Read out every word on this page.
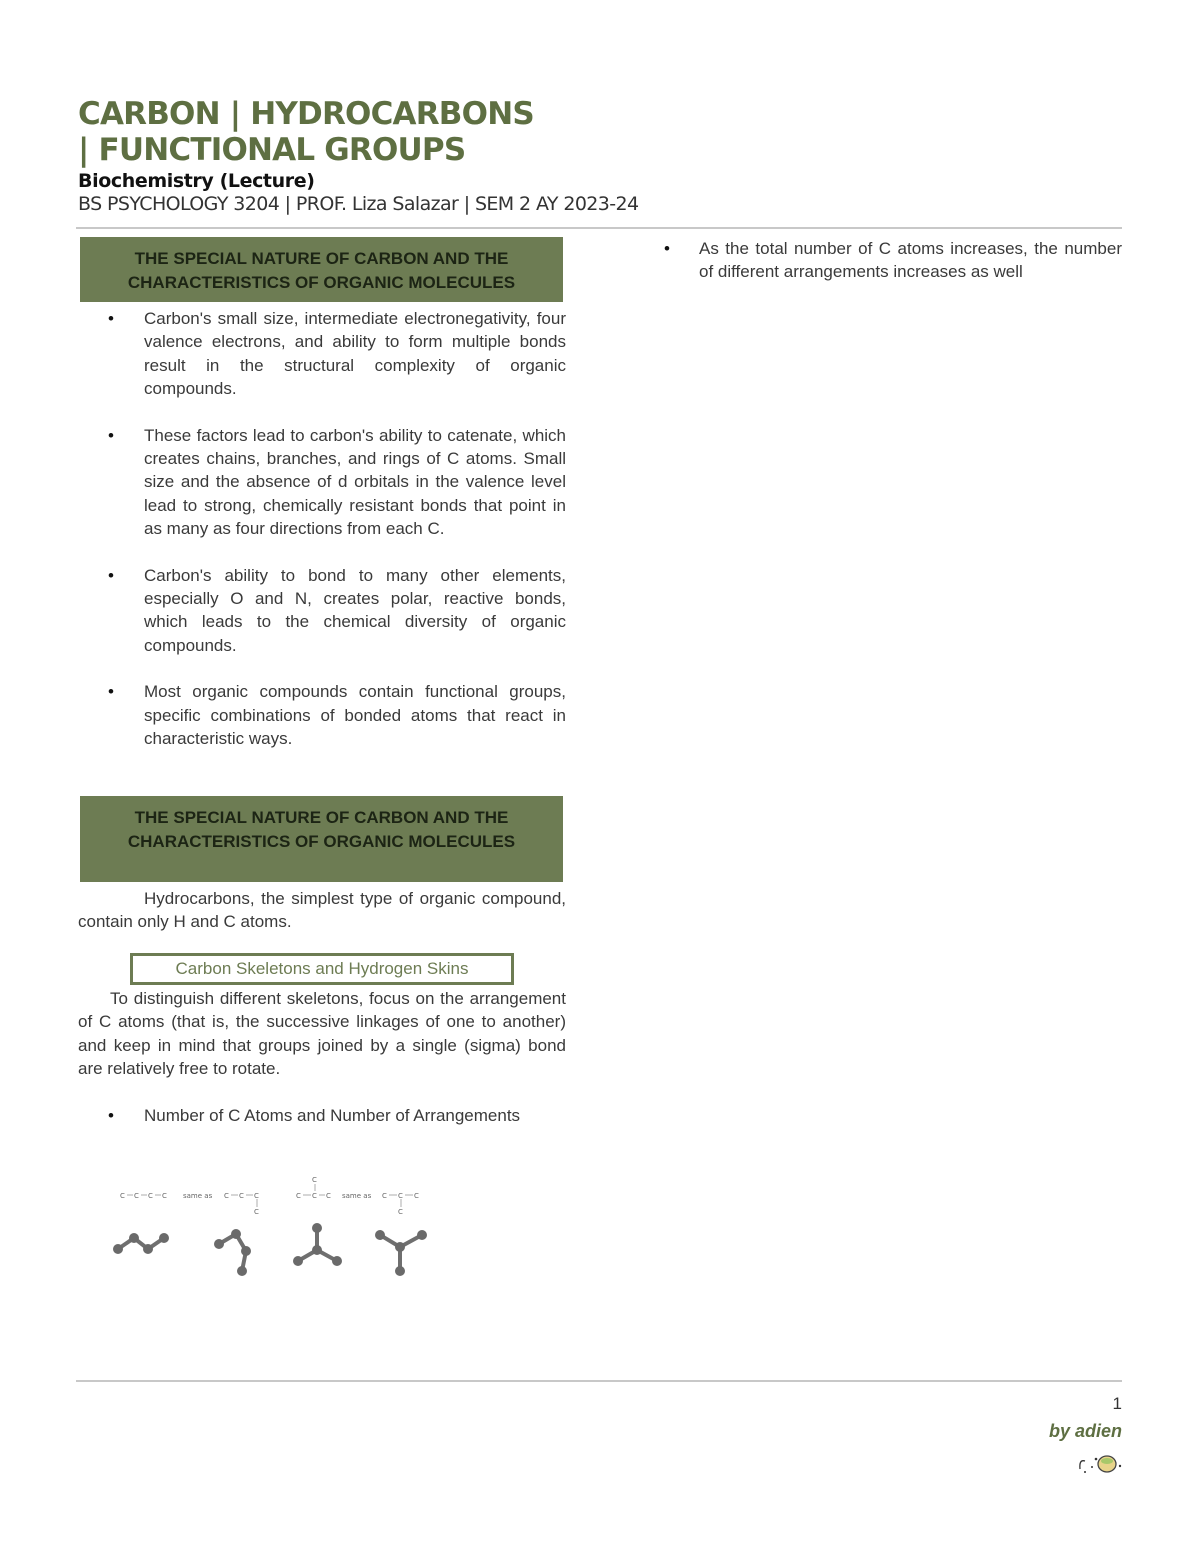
CARBON | HYDROCARBONS
| FUNCTIONAL GROUPS
Biochemistry (Lecture)
BS PSYCHOLOGY 3204 | PROF. Liza Salazar | SEM 2 AY 2023-24
THE SPECIAL NATURE OF CARBON AND THE CHARACTERISTICS OF ORGANIC MOLECULES
• Carbon's small size, intermediate electronegativity, four valence electrons, and ability to form multiple bonds result in the structural complexity of organic compounds.
• These factors lead to carbon's ability to catenate, which creates chains, branches, and rings of C atoms. Small size and the absence of d orbitals in the valence level lead to strong, chemically resistant bonds that point in as many as four directions from each C.
• Carbon's ability to bond to many other elements, especially O and N, creates polar, reactive bonds, which leads to the chemical diversity of organic compounds.
• Most organic compounds contain functional groups, specific combinations of bonded atoms that react in characteristic ways.
THE SPECIAL NATURE OF CARBON AND THE CHARACTERISTICS OF ORGANIC MOLECULES

Hydrocarbons, the simplest type of organic compound, contain only H and C atoms.

Carbon Skeletons and Hydrogen Skins

To distinguish different skeletons, focus on the arrangement of C atoms (that is, the successive linkages of one to another) and keep in mind that groups joined by a single (sigma) bond are relatively free to rotate.

• Number of C Atoms and Number of Arrangements
C C C C same as C C C
C
C
C C C same as C C C
C
• As the total number of C atoms increases, the number of different arrangements increases as well
1
by adien
